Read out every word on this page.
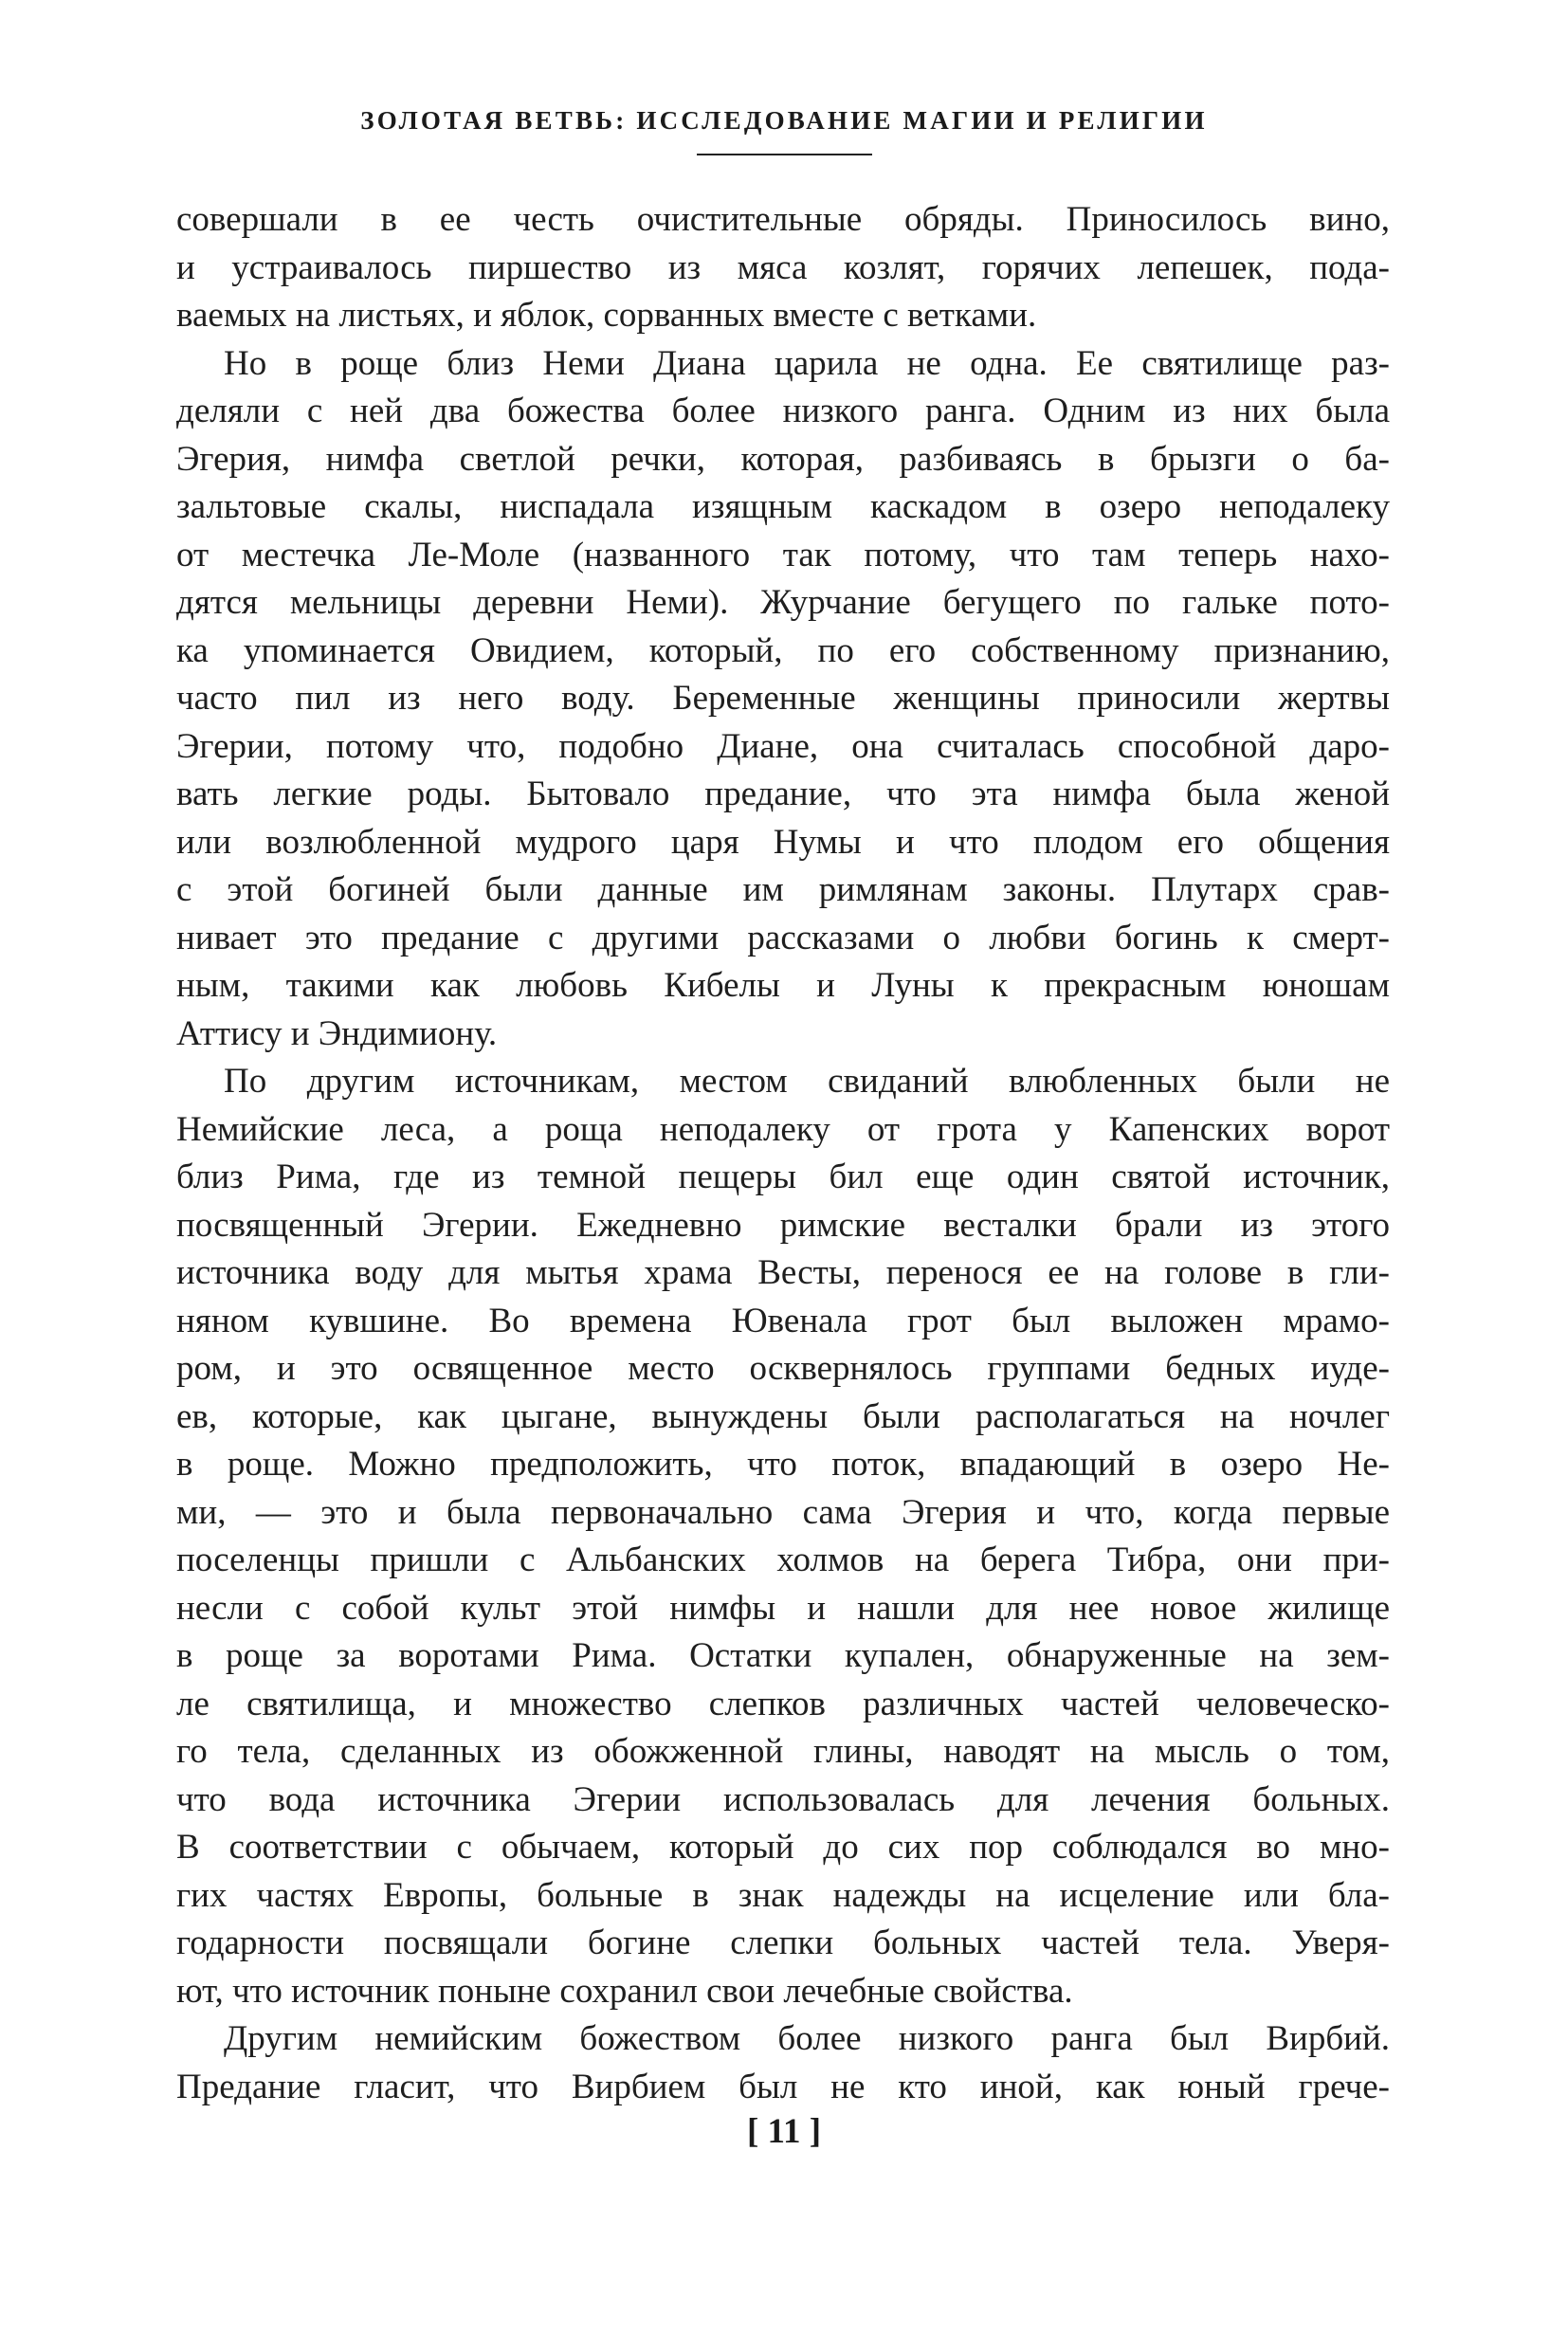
ЗОЛОТАЯ ВЕТВЬ: ИССЛЕДОВАНИЕ МАГИИ И РЕЛИГИИ
совершали в ее честь очистительные обряды. Приносилось вино,
и устраивалось пиршество из мяса козлят, горячих лепешек, пода-
ваемых на листьях, и яблок, сорванных вместе с ветками.
Но в роще близ Неми Диана царила не одна. Ее святилище раз-
деляли с ней два божества более низкого ранга. Одним из них была
Эгерия, нимфа светлой речки, которая, разбиваясь в брызги о ба-
зальтовые скалы, ниспадала изящным каскадом в озеро неподалеку
от местечка Ле-Моле (названного так потому, что там теперь нахо-
дятся мельницы деревни Неми). Журчание бегущего по гальке пото-
ка упоминается Овидием, который, по его собственному признанию,
часто пил из него воду. Беременные женщины приносили жертвы
Эгерии, потому что, подобно Диане, она считалась способной даро-
вать легкие роды. Бытовало предание, что эта нимфа была женой
или возлюбленной мудрого царя Нумы и что плодом его общения
с этой богиней были данные им римлянам законы. Плутарх срав-
нивает это предание с другими рассказами о любви богинь к смерт-
ным, такими как любовь Кибелы и Луны к прекрасным юношам
Аттису и Эндимиону.
По другим источникам, местом свиданий влюбленных были не
Немийские леса, а роща неподалеку от грота у Капенских ворот
близ Рима, где из темной пещеры бил еще один святой источник,
посвященный Эгерии. Ежедневно римские весталки брали из этого
источника воду для мытья храма Весты, перенося ее на голове в гли-
няном кувшине. Во времена Ювенала грот был выложен мрамо-
ром, и это освященное место осквернялось группами бедных иуде-
ев, которые, как цыгане, вынуждены были располагаться на ночлег
в роще. Можно предположить, что поток, впадающий в озеро Не-
ми, — это и была первоначально сама Эгерия и что, когда первые
поселенцы пришли с Альбанских холмов на берега Тибра, они при-
несли с собой культ этой нимфы и нашли для нее новое жилище
в роще за воротами Рима. Остатки купален, обнаруженные на зем-
ле святилища, и множество слепков различных частей человеческо-
го тела, сделанных из обожженной глины, наводят на мысль о том,
что вода источника Эгерии использовалась для лечения больных.
В соответствии с обычаем, который до сих пор соблюдался во мно-
гих частях Европы, больные в знак надежды на исцеление или бла-
годарности посвящали богине слепки больных частей тела. Уверя-
ют, что источник поныне сохранил свои лечебные свойства.
Другим немийским божеством более низкого ранга был Вирбий.
Предание гласит, что Вирбием был не кто иной, как юный грече-
[ 11 ]
